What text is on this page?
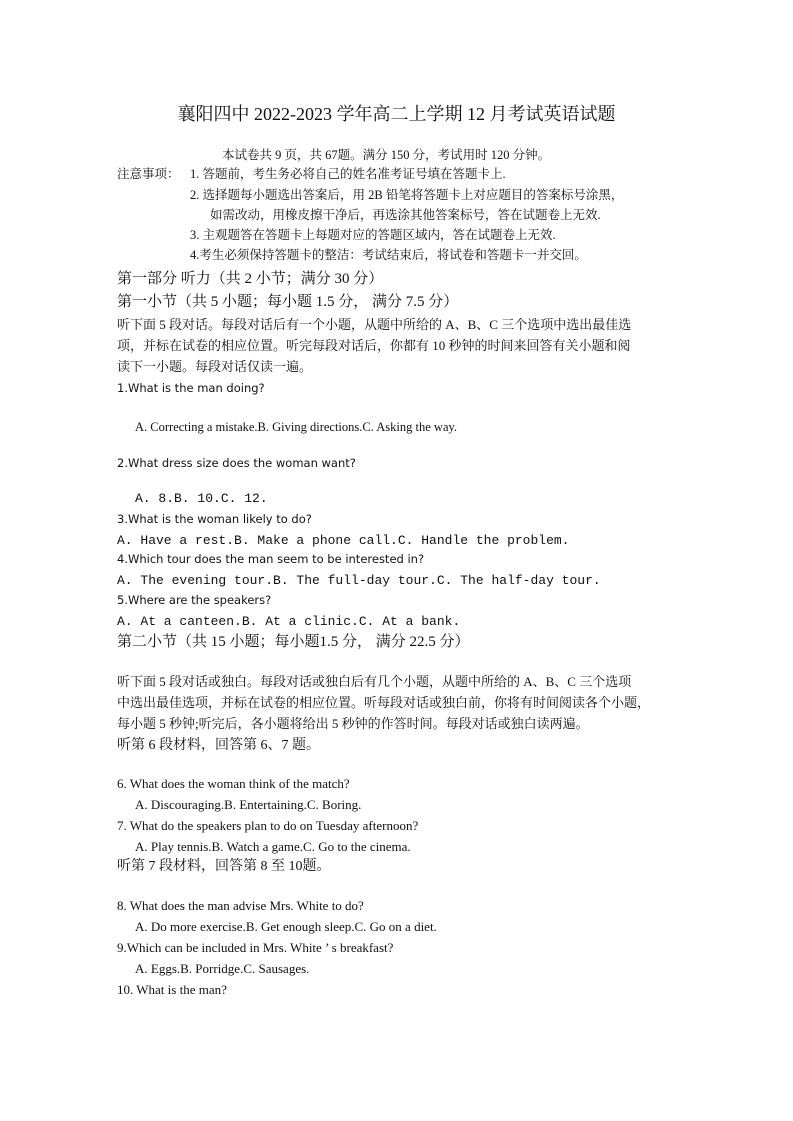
襄阳四中 2022-2023 学年高二上学期 12 月考试英语试题
本试卷共 9 页，共 67题。满分 150 分，考试用时 120 分钟。
注意事项： 1. 答题前，考生务必将自己的姓名准考证号填在答题卡上.
2. 选择题每小题选出答案后，用 2B 铅笔将答题卡上对应题目的答案标号涂黑，
如需改动，用橡皮擦干净后，再选涂其他答案标号，答在试题卷上无效.
3. 主观题答在答题卡上每题对应的答题区域内，答在试题卷上无效.
4.考生必须保持答题卡的整洁：考试结束后，将试卷和答题卡一并交回。
第一部分 听力（共 2 小节；满分 30 分）
第一小节（共 5 小题；每小题 1.5 分， 满分 7.5 分）
听下面 5 段对话。每段对话后有一个小题，从题中所给的 A、B、C 三个选项中选出最佳选
项，并标在试卷的相应位置。听完每段对话后，你都有 10 秒钟的时间来回答有关小题和阅
读下一小题。每段对话仅读一遍。
1.What is the man doing?
A. Correcting a mistake.B. Giving directions.C. Asking the way.
2.What dress size does the woman want?
A. 8.B. 10.C. 12.
3.What is the woman likely to do?
A. Have a rest.B. Make a phone call.C. Handle the problem.
4.Which tour does the man seem to be interested in?
A. The evening tour.B. The full-day tour.C. The half-day tour.
5.Where are the speakers?
A. At a canteen.B. At a clinic.C. At a bank.
第二小节（共 15 小题；每小题1.5 分， 满分 22.5 分）
听下面 5 段对话或独白。每段对话或独白后有几个小题，从题中所给的 A、B、C 三个选项
中选出最佳选项，并标在试卷的相应位置。听每段对话或独白前，你将有时间阅读各个小题，
每小题 5 秒钟;听完后，各小题将给出 5 秒钟的作答时间。每段对话或独白读两遍。
听第 6 段材料，回答第 6、7 题。
6. What does the woman think of the match?
A. Discouraging.B. Entertaining.C. Boring.
7. What do the speakers plan to do on Tuesday afternoon?
A. Play tennis.B. Watch a game.C. Go to the cinema.
听第 7 段材料，回答第 8 至 10题。
8. What does the man advise Mrs. White to do?
A. Do more exercise.B. Get enough sleep.C. Go on a diet.
9.Which can be included in Mrs. White ’ s breakfast?
A. Eggs.B. Porridge.C. Sausages.
10. What is the man?
